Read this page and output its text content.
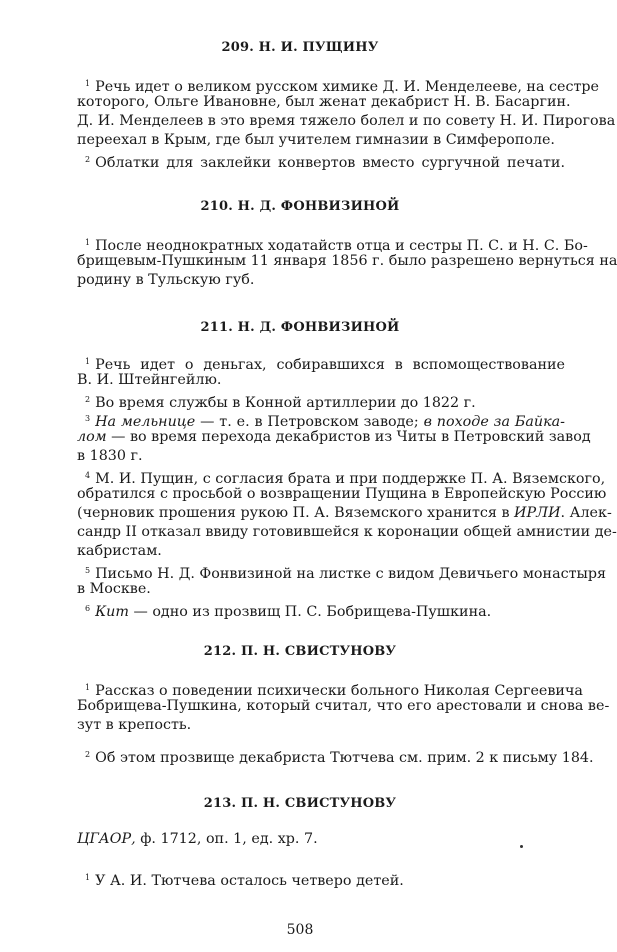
209. Н. И. ПУЩИНУ
$^1$ Речь идет о великом русском химике Д. И. Менделееве, на сестре
которого, Ольге Ивановне, был женат декабрист Н. В. Басаргин.
Д. И. Менделеев в это время тяжело болел и по совету Н. И. Пирогова
переехал в Крым, где был учителем гимназии в Симферополе.
$^2$ Облатки для заклейки конвертов вместо сургучной печати.
210. Н. Д. ФОНВИЗИНОЙ
$^1$ После неоднократных ходатайств отца и сестры П. С. и Н. С. Бо-
брищевым-Пушкиным 11 января 1856 г. было разрешено вернуться на
родину в Тульскую губ.
211. Н. Д. ФОНВИЗИНОЙ
$^1$ Речь идет о деньгах, собиравшихся в вспомоществование
В. И. Штейнгейлю.
$^2$ Во время службы в Конной артиллерии до 1822 г.
$^3$ На мельнице — т. е. в Петровском заводе; в походе за Байка-
лом — во время перехода декабристов из Читы в Петровский завод
в 1830 г.
$^4$ М. И. Пущин, с согласия брата и при поддержке П. А. Вяземского,
обратился с просьбой о возвращении Пущина в Европейскую Россию
(черновик прошения рукою П. А. Вяземского хранится в ИРЛИ. Алек-
сандр II отказал ввиду готовившейся к коронации общей амнистии де-
кабристам.
$^5$ Письмо Н. Д. Фонвизиной на листке с видом Девичьего монастыря
в Москве.
$^6$ Кит — одно из прозвищ П. С. Бобрищева-Пушкина.
212. П. Н. СВИСТУНОВУ
$^1$ Рассказ о поведении психически больного Николая Сергеевича
Бобрищева-Пушкина, который считал, что его арестовали и снова ве-
зут в крепость.
$^2$ Об этом прозвище декабриста Тютчева см. прим. 2 к письму 184.
213. П. Н. СВИСТУНОВУ
ЦГАОР, ф. 1712, оп. 1, ед. хр. 7.
$^1$ У А. И. Тютчева осталось четверо детей.
508
